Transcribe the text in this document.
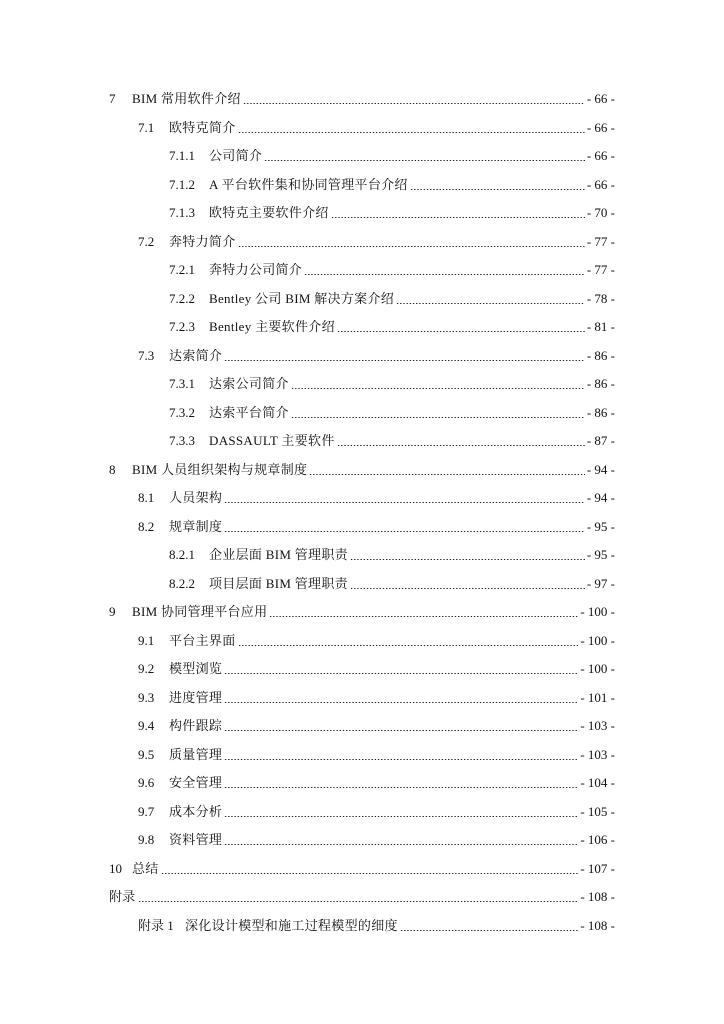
7	BIM 常用软件介绍	- 66 -
7.1	欧特克简介	- 66 -
7.1.1	公司简介	- 66 -
7.1.2	A 平台软件集和协同管理平台介绍	- 66 -
7.1.3	欧特克主要软件介绍	- 70 -
7.2	奔特力简介	- 77 -
7.2.1	奔特力公司简介	- 77 -
7.2.2	Bentley 公司 BIM 解决方案介绍	- 78 -
7.2.3	Bentley 主要软件介绍	- 81 -
7.3	达索简介	- 86 -
7.3.1	达索公司简介	- 86 -
7.3.2	达索平台简介	- 86 -
7.3.3	DASSAULT 主要软件	- 87 -
8	BIM 人员组织架构与规章制度	- 94 -
8.1	人员架构	- 94 -
8.2	规章制度	- 95 -
8.2.1	企业层面 BIM 管理职责	- 95 -
8.2.2	项目层面 BIM 管理职责	- 97 -
9	BIM 协同管理平台应用	- 100 -
9.1	平台主界面	- 100 -
9.2	模型浏览	- 100 -
9.3	进度管理	- 101 -
9.4	构件跟踪	- 103 -
9.5	质量管理	- 103 -
9.6	安全管理	- 104 -
9.7	成本分析	- 105 -
9.8	资料管理	- 106 -
10 总结	- 107 -
附录	- 108 -
附录 1 深化设计模型和施工过程模型的细度	- 108 -
